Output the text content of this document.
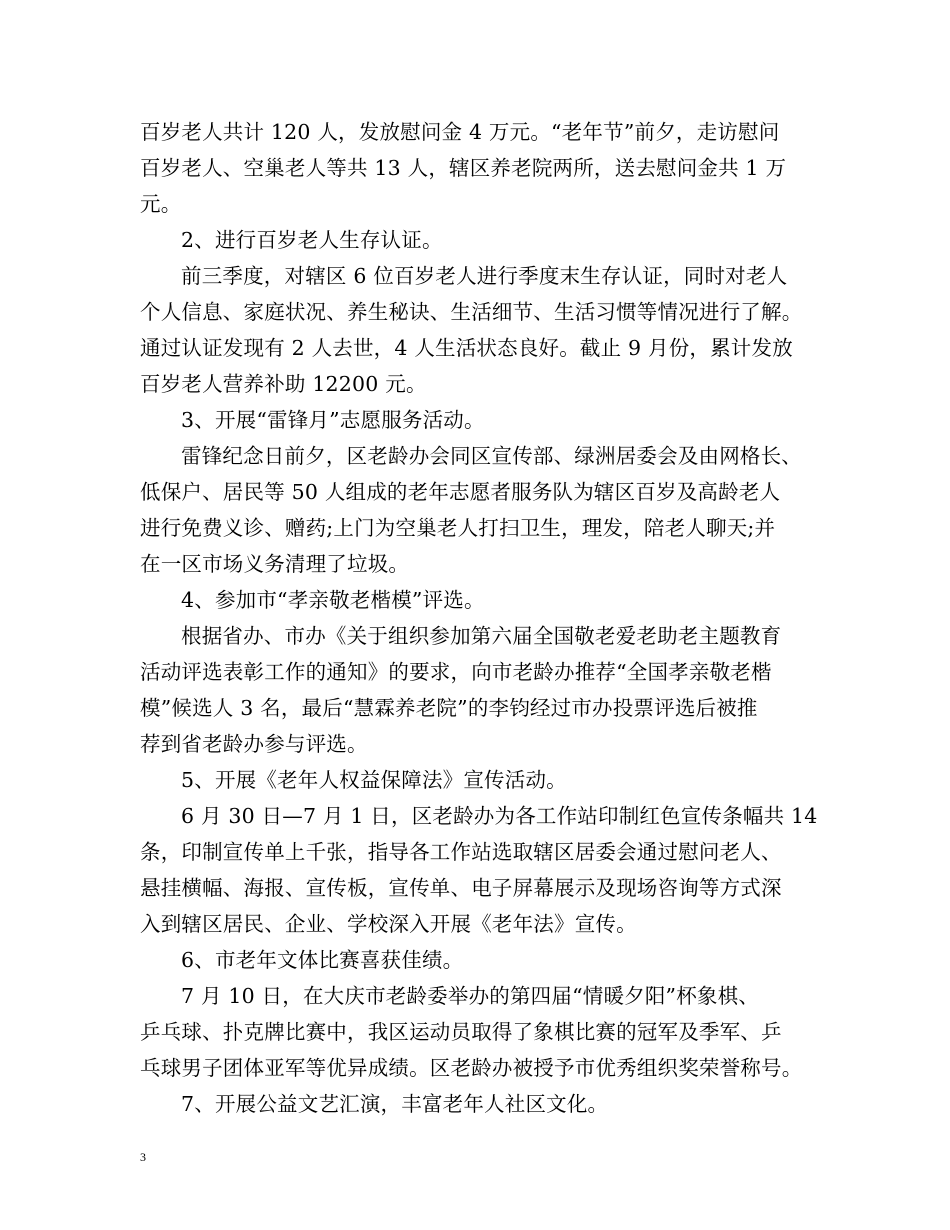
百岁老人共计 120 人，发放慰问金 4 万元。“老年节”前夕，走访慰问
百岁老人、空巢老人等共 13 人，辖区养老院两所，送去慰问金共 1 万
元。
2、进行百岁老人生存认证。
前三季度，对辖区 6 位百岁老人进行季度末生存认证，同时对老人
个人信息、家庭状况、养生秘诀、生活细节、生活习惯等情况进行了解。
通过认证发现有 2 人去世，4 人生活状态良好。截止 9 月份，累计发放
百岁老人营养补助 12200 元。
3、开展“雷锋月”志愿服务活动。
雷锋纪念日前夕，区老龄办会同区宣传部、绿洲居委会及由网格长、
低保户、居民等 50 人组成的老年志愿者服务队为辖区百岁及高龄老人
进行免费义诊、赠药;上门为空巢老人打扫卫生，理发，陪老人聊天;并
在一区市场义务清理了垃圾。
4、参加市“孝亲敬老楷模”评选。
根据省办、市办《关于组织参加第六届全国敬老爱老助老主题教育
活动评选表彰工作的通知》的要求，向市老龄办推荐“全国孝亲敬老楷
模”候选人 3 名，最后“慧霖养老院”的李钧经过市办投票评选后被推
荐到省老龄办参与评选。
5、开展《老年人权益保障法》宣传活动。
6 月 30 日—7 月 1 日，区老龄办为各工作站印制红色宣传条幅共 14
条，印制宣传单上千张，指导各工作站选取辖区居委会通过慰问老人、
悬挂横幅、海报、宣传板，宣传单、电子屏幕展示及现场咨询等方式深
入到辖区居民、企业、学校深入开展《老年法》宣传。
6、市老年文体比赛喜获佳绩。
7 月 10 日，在大庆市老龄委举办的第四届“情暖夕阳”杯象棋、
乒乓球、扑克牌比赛中，我区运动员取得了象棋比赛的冠军及季军、乒
乓球男子团体亚军等优异成绩。区老龄办被授予市优秀组织奖荣誉称号。
7、开展公益文艺汇演，丰富老年人社区文化。
3
